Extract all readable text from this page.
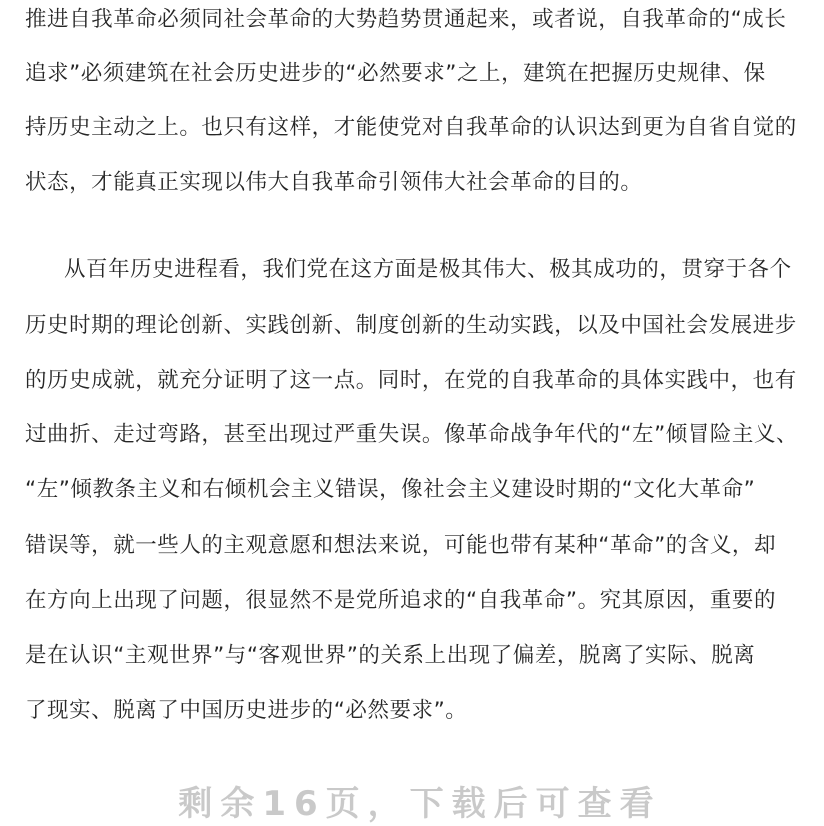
推进自我革命必须同社会革命的大势趋势贯通起来，或者说，自我革命的“成长
追求”必须建筑在社会历史进步的“必然要求”之上，建筑在把握历史规律、保
持历史主动之上。也只有这样，才能使党对自我革命的认识达到更为自省自觉的
状态，才能真正实现以伟大自我革命引领伟大社会革命的目的。
从百年历史进程看，我们党在这方面是极其伟大、极其成功的，贯穿于各个
历史时期的理论创新、实践创新、制度创新的生动实践，以及中国社会发展进步
的历史成就，就充分证明了这一点。同时，在党的自我革命的具体实践中，也有
过曲折、走过弯路，甚至出现过严重失误。像革命战争年代的“左”倾冒险主义、
“左”倾教条主义和右倾机会主义错误，像社会主义建设时期的“文化大革命”
错误等，就一些人的主观意愿和想法来说，可能也带有某种“革命”的含义，却
在方向上出现了问题，很显然不是党所追求的“自我革命”。究其原因，重要的
是在认识“主观世界”与“客观世界”的关系上出现了偏差，脱离了实际、脱离
了现实、脱离了中国历史进步的“必然要求”。
剩余16页，下载后可查看
